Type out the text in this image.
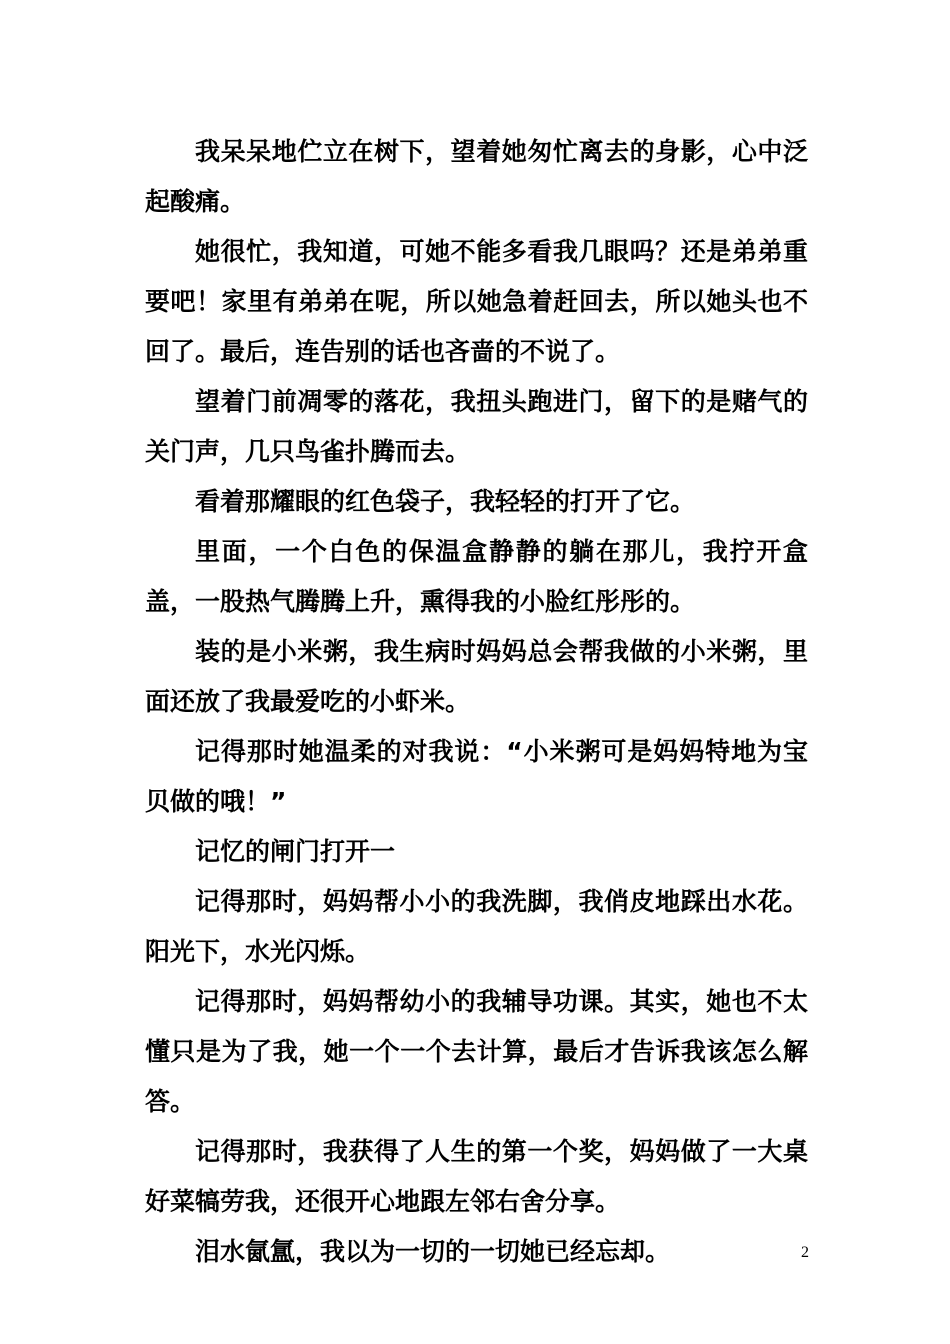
我呆呆地伫立在树下，望着她匆忙离去的身影，心中泛起酸痛。

她很忙，我知道，可她不能多看我几眼吗？还是弟弟重要吧！家里有弟弟在呢，所以她急着赶回去，所以她头也不回了。最后，连告别的话也吝啬的不说了。

望着门前凋零的落花，我扭头跑进门，留下的是赌气的关门声，几只鸟雀扑腾而去。

看着那耀眼的红色袋子，我轻轻的打开了它。

里面，一个白色的保温盒静静的躺在那儿，我拧开盒盖，一股热气腾腾上升，熏得我的小脸红彤彤的。

装的是小米粥，我生病时妈妈总会帮我做的小米粥，里面还放了我最爱吃的小虾米。

记得那时她温柔的对我说：“小米粥可是妈妈特地为宝贝做的哦！”

记忆的闸门打开一

记得那时，妈妈帮小小的我洗脚，我俏皮地踩出水花。阳光下，水光闪烁。

记得那时，妈妈帮幼小的我辅导功课。其实，她也不太懂只是为了我，她一个一个去计算，最后才告诉我该怎么解答。

记得那时，我获得了人生的第一个奖，妈妈做了一大桌好菜犒劳我，还很开心地跟左邻右舍分享。

泪水氤氲，我以为一切的一切她已经忘却。	2
